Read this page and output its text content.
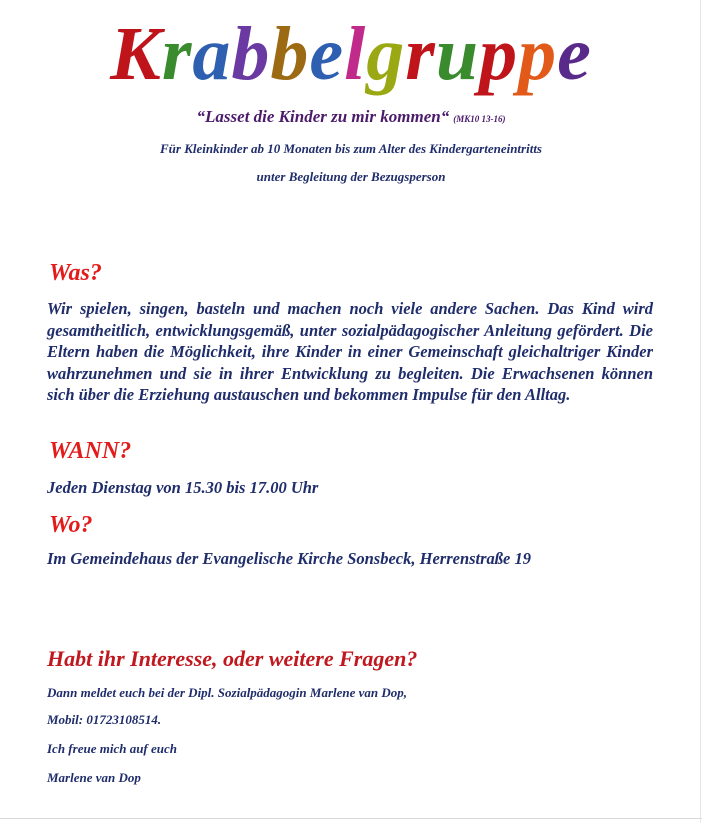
Krabbelgruppe
“Lasset die Kinder zu mir kommen“ (MK10 13-16)
Für Kleinkinder ab 10 Monaten bis zum Alter des Kindergarteneintritts
unter Begleitung der Bezugsperson
Was?
Wir spielen, singen, basteln und machen noch viele andere Sachen. Das Kind wird gesamtheitlich, entwicklungsgemäß, unter sozialpädagogischer Anleitung gefördert. Die Eltern haben die Möglichkeit, ihre Kinder in einer Gemeinschaft gleichaltriger Kinder wahrzunehmen und sie in ihrer Entwicklung zu begleiten. Die Erwachsenen können sich über die Erziehung austauschen und bekommen Impulse für den Alltag.
WANN?
Jeden Dienstag von 15.30 bis 17.00 Uhr
Wo?
Im Gemeindehaus der Evangelische Kirche Sonsbeck, Herrenstraße 19
Habt ihr Interesse, oder weitere Fragen?
Dann meldet euch bei der Dipl. Sozialpädagogin Marlene van Dop,
Mobil: 01723108514.
Ich freue mich auf euch
Marlene van Dop
